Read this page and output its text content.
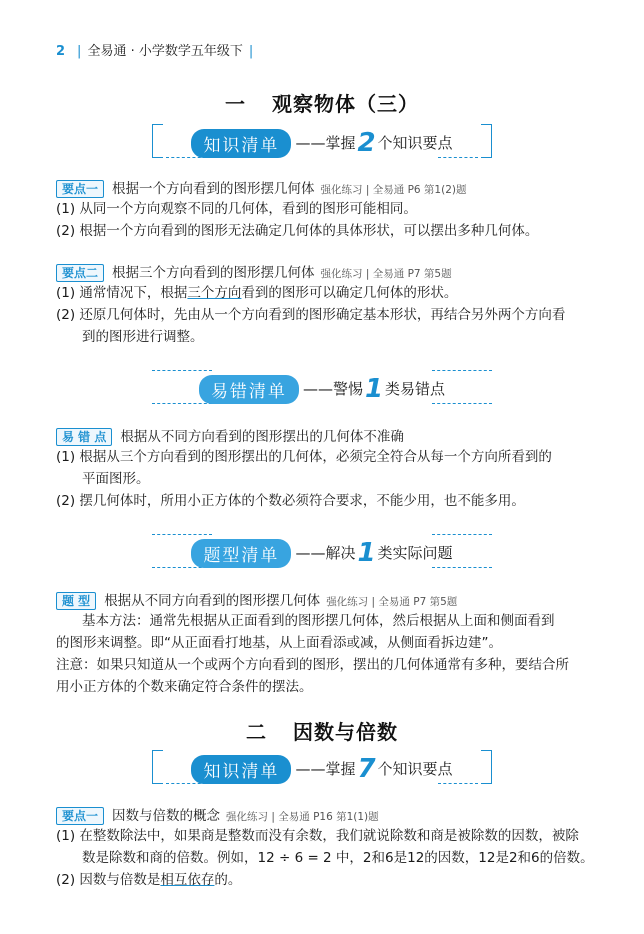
2 | 全易通 · 小学数学五年级下 |
一 观察物体（三）
知识清单 ——掌握2 个知识要点
要点一 根据一个方向看到的图形摆几何体 强化练习 | 全易通 P6 第1(2)题
(1) 从同一个方向观察不同的几何体，看到的图形可能相同。
(2) 根据一个方向看到的图形无法确定几何体的具体形状，可以摆出多种几何体。
要点二 根据三个方向看到的图形摆几何体 强化练习 | 全易通 P7 第5题
(1) 通常情况下，根据三个方向看到的图形可以确定几何体的形状。
(2) 还原几何体时，先由从一个方向看到的图形确定基本形状，再结合另外两个方向看
到的图形进行调整。
易错清单 ——警惕1 类易错点
易 错 点 根据从不同方向看到的图形摆出的几何体不准确
(1) 根据从三个方向看到的图形摆出的几何体，必须完全符合从每一个方向所看到的
平面图形。
(2) 摆几何体时，所用小正方体的个数必须符合要求，不能少用，也不能多用。
题型清单 ——解决1 类实际问题
题 型 根据从不同方向看到的图形摆几何体 强化练习 | 全易通 P7 第5题
基本方法：通常先根据从正面看到的图形摆几何体，然后根据从上面和侧面看到
的图形来调整。即“从正面看打地基，从上面看添或减，从侧面看拆边建”。
注意：如果只知道从一个或两个方向看到的图形，摆出的几何体通常有多种，要结合所
用小正方体的个数来确定符合条件的摆法。
二 因数与倍数
知识清单 ——掌握7 个知识要点
要点一 因数与倍数的概念 强化练习 | 全易通 P16 第1(1)题
(1) 在整数除法中，如果商是整数而没有余数，我们就说除数和商是被除数的因数，被除
数是除数和商的倍数。例如，12 ÷ 6 = 2 中，2和6是12的因数，12是2和6的倍数。
(2) 因数与倍数是相互依存的。
